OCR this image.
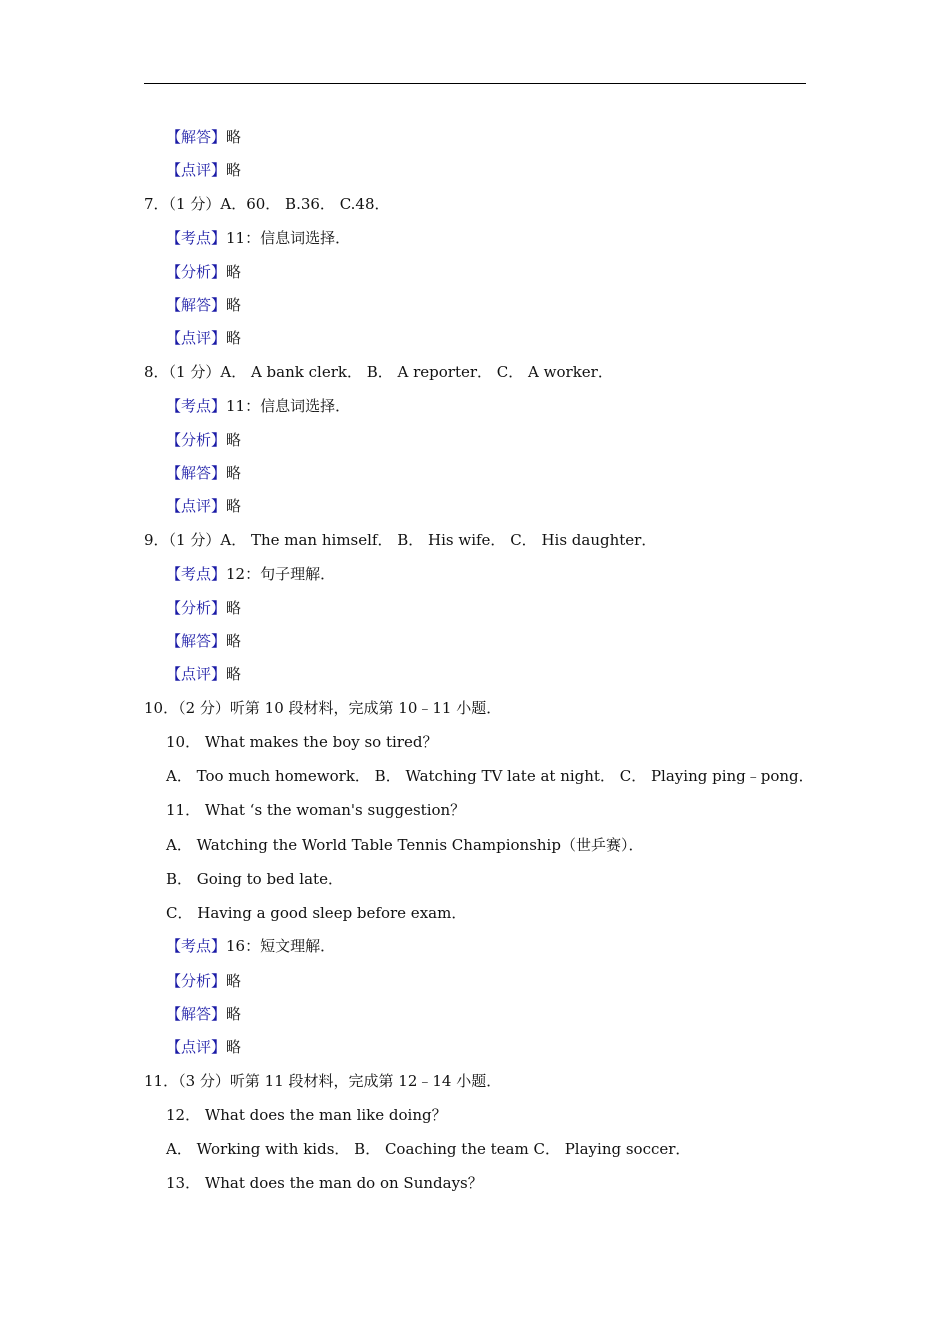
【解答】略
【点评】略
7．（1 分）A．60． B.36． C.48．
【考点】11：信息词选择．
【分析】略
【解答】略
【点评】略
8．（1 分）A． A bank clerk． B． A reporter． C． A worker．
【考点】11：信息词选择．
【分析】略
【解答】略
【点评】略
9．（1 分）A． The man himself． B． His wife． C． His daughter．
【考点】12：句子理解．
【分析】略
【解答】略
【点评】略
10．（2 分）听第 10 段材料，完成第 10﹣11 小题．
10． What makes the boy so tired？
A． Too much homework． B． Watching TV late at night． C． Playing ping﹣pong．
11． What ‘s the woman's suggestion？
A． Watching the World Table Tennis Championship（世乒赛）．
B． Going to bed late．
C． Having a good sleep before exam．
【考点】16：短文理解．
【分析】略
【解答】略
【点评】略
11．（3 分）听第 11 段材料，完成第 12﹣14 小题．
12． What does the man like doing？
A． Working with kids． B． Coaching the team C． Playing soccer．
13． What does the man do on Sundays？
